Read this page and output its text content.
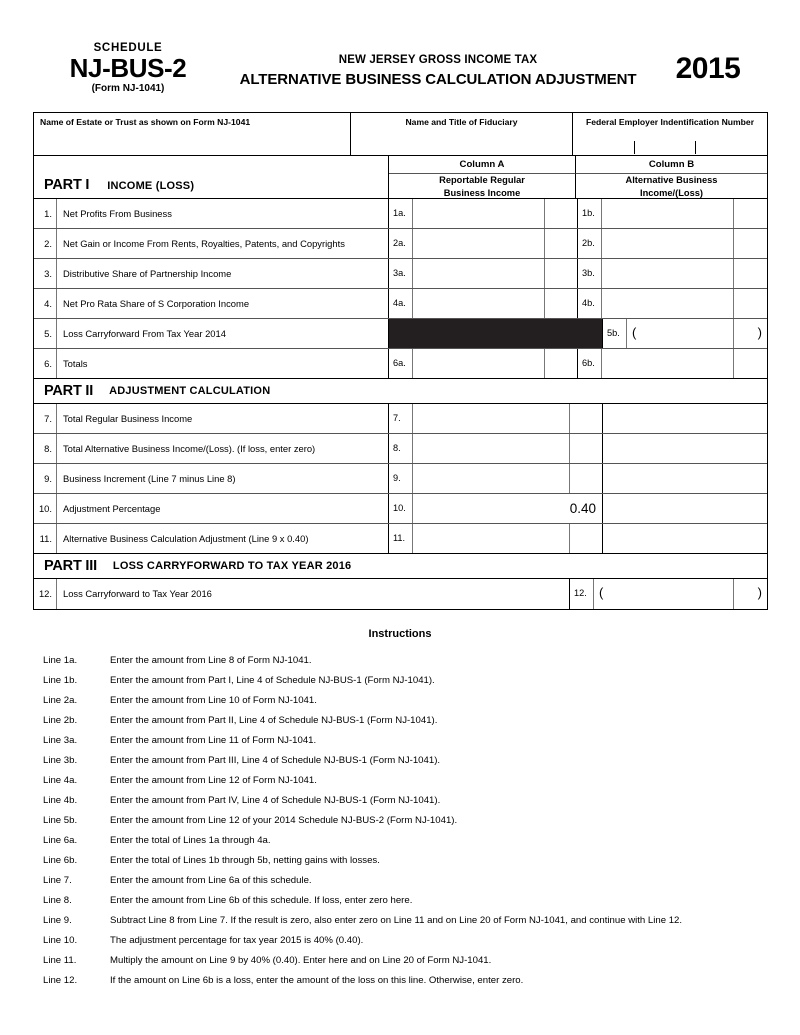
SCHEDULE
NJ-BUS-2
(Form NJ-1041)
NEW JERSEY GROSS INCOME TAX
ALTERNATIVE BUSINESS CALCULATION ADJUSTMENT	2015
Name of Estate or Trust as shown on Form NJ-1041	Name and Title of Fiduciary	Federal Employer Indentification Number
PART I INCOME (LOSS)
Column A	Column B
Reportable Regular
Business Income
Alternative Business
Income/(Loss)
1.	Net Profits From Business	1a.	1b.
2.	Net Gain or Income From Rents, Royalties, Patents, and Copyrights	2a.	2b.
3.	Distributive Share of Partnership Income	3a.	3b.
4.	Net Pro Rata Share of S Corporation Income	4a.	4b.
5.	Loss Carryforward From Tax Year 2014	5b. (	)
6.	Totals	6a.	6b.
PART II ADJUSTMENT CALCULATION
7.	Total Regular Business Income	7.
8.	Total Alternative Business Income/(Loss). (If loss, enter zero)	8.
9.	Business Increment (Line 7 minus Line 8)	9.
10.	Adjustment Percentage	10.	0.40
11.	Alternative Business Calculation Adjustment (Line 9 x 0.40)	11.
PART III LOSS CARRYFORWARD TO TAX YEAR 2016
12.	Loss Carryforward to Tax Year 2016	12. (	)
Instructions
Line 1a.	Enter the amount from Line 8 of Form NJ-1041.
Line 1b.	Enter the amount from Part I, Line 4 of Schedule NJ-BUS-1 (Form NJ-1041).
Line 2a.	Enter the amount from Line 10 of Form NJ-1041.
Line 2b.	Enter the amount from Part II, Line 4 of Schedule NJ-BUS-1 (Form NJ-1041).
Line 3a.	Enter the amount from Line 11 of Form NJ-1041.
Line 3b.	Enter the amount from Part III, Line 4 of Schedule NJ-BUS-1 (Form NJ-1041).
Line 4a.	Enter the amount from Line 12 of Form NJ-1041.
Line 4b.	Enter the amount from Part IV, Line 4 of Schedule NJ-BUS-1 (Form NJ-1041).
Line 5b.	Enter the amount from Line 12 of your 2014 Schedule NJ-BUS-2 (Form NJ-1041).
Line 6a.	Enter the total of Lines 1a through 4a.
Line 6b.	Enter the total of Lines 1b through 5b, netting gains with losses.
Line 7.	Enter the amount from Line 6a of this schedule.
Line 8.	Enter the amount from Line 6b of this schedule. If loss, enter zero here.
Line 9.	Subtract Line 8 from Line 7. If the result is zero, also enter zero on Line 11 and on Line 20 of Form NJ-1041, and continue with Line 12.
Line 10.	The adjustment percentage for tax year 2015 is 40% (0.40).
Line 11.	Multiply the amount on Line 9 by 40% (0.40). Enter here and on Line 20 of Form NJ-1041.
Line 12.	If the amount on Line 6b is a loss, enter the amount of the loss on this line. Otherwise, enter zero.
